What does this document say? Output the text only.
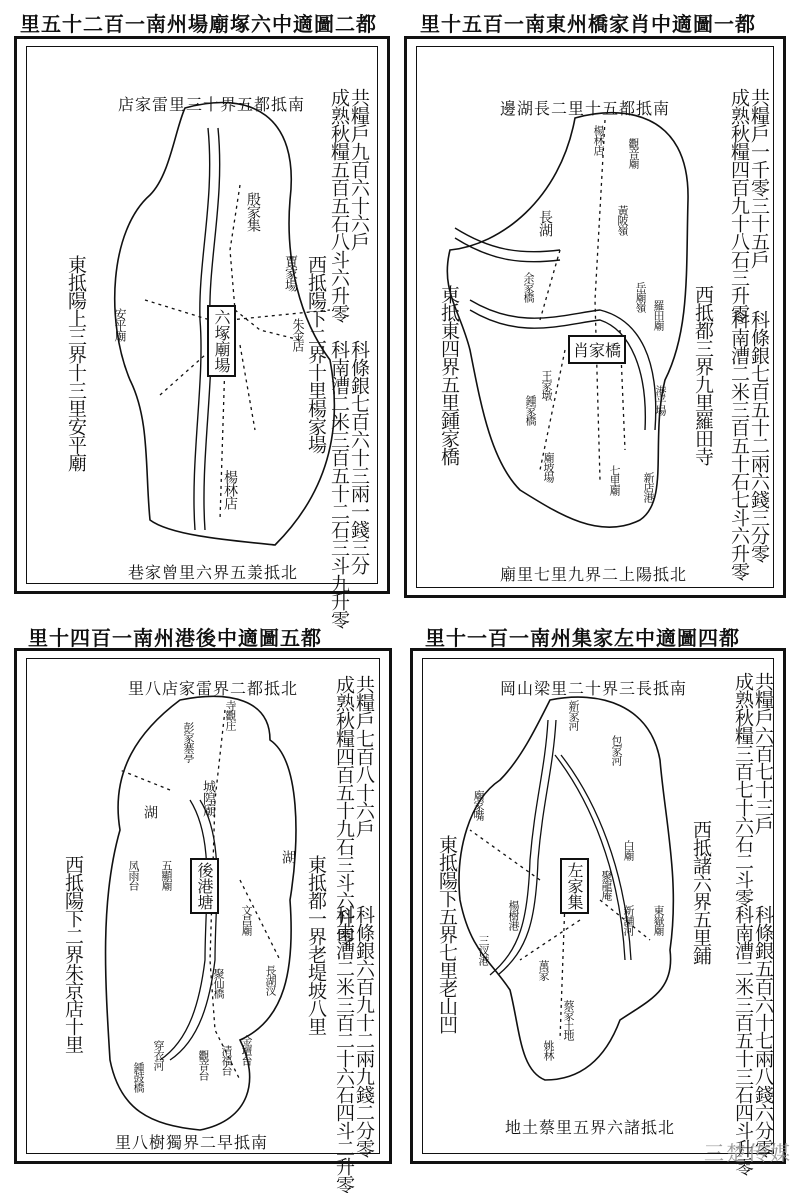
都二圖適中六塚廟場州南一百二十五里
南抵都五界十三里雷家店
北抵羕五界六里曾家巷
東抵陽上三界十三里安平廟	西抵陽下二界十里楊家場
共糧戶九百六十六戶
成熟秋糧五百五石八斗六升零
科條銀七百六十三兩一錢三分
科南漕二米三百五十二石三斗九升零
六塚廟場
殷家集
賈家場
朱金店
安平廟
楊林店
都一圖適中肖家橋州東南一百五十里
南抵都五十里二長湖邊
北抵陽上二界九里七里廟
東抵東四界五里鍾家橋	西抵都三界九里羅田寺
共糧戶一千零三十五戶
成熟秋糧四百九十八石三升零
科條銀七百五十二兩六錢三分零
科南漕二米三百五十石七斗六升零
肖家橋
楊林店 觀音廟
黃陂嶺
長湖
余家橋	岳廟嶺
羅田廟
王家墩
鍾家橋
廟坡場
港平場
七里廟 新店港
都五圖適中後港州南一百四十里
北抵都二界雷家店八里
南抵早二界獨樹八里
西抵陽下二界朱京店十里	東抵都一界老堤坡八里
共糧戶七百八十六戶
成熟秋糧四百五十九石三斗六升零
科條銀六百九十二兩九錢二分零
科南漕二米三百二十六石四斗二升零
後港塘
寺觀庄
彭家寨亭
城隍廟
湖
凤雨台 五顯廟
文昌廟
湖
長湖汊
聚仙橋
穿衣河	觀音台 清福台 金壇台
鍾鼓橋
都四圖適中左家集州南一百一十里
南抵長三界十二里梁山岡
北抵諸六界五里蔡土地
東抵陽下五界七里老山凹	西抵諸六界五里鋪
共糧戶六百七十三戶
成熟秋糧三百七十六石二斗零
科條銀五百六十七兩八錢六分零
科南漕二米三百五十三石四斗升零
左家集
新家河
包家河
廟家嘴
三汊港
楊樹港
聚龍庵
白廟
新舖河 東嶽廟
萬家
蔡家土地
姚林
三楚传媒
